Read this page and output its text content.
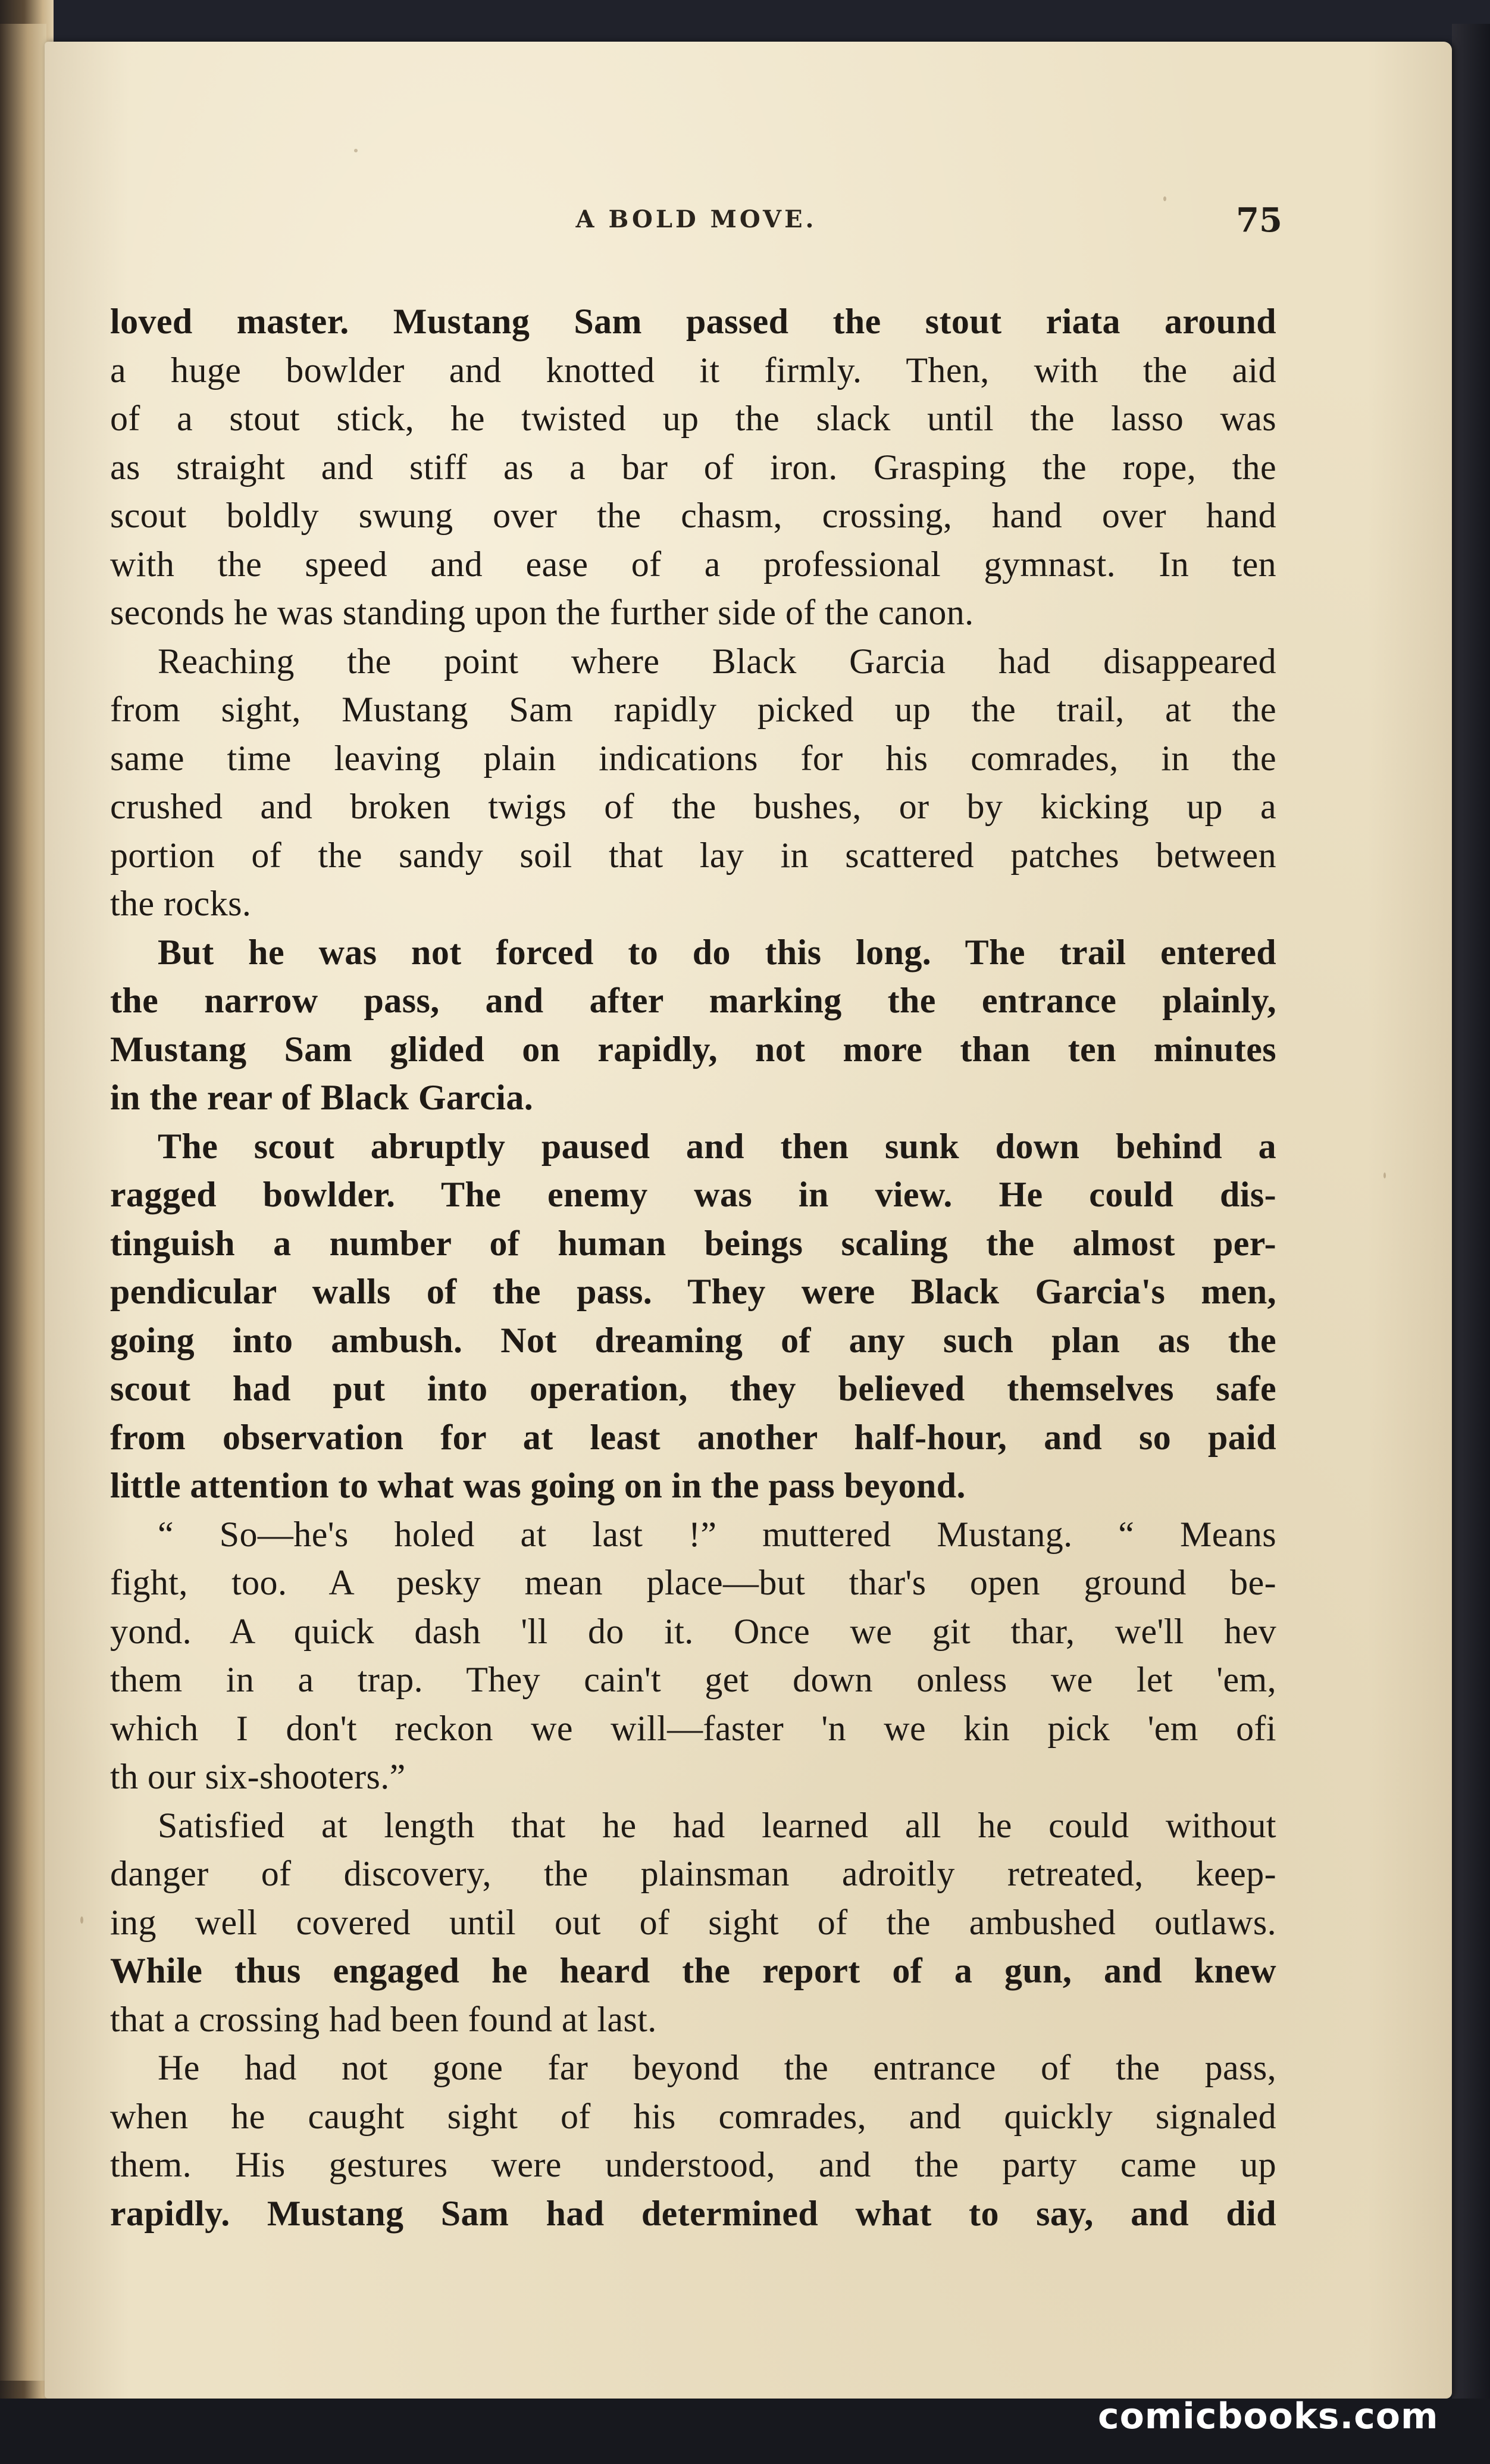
A BOLD MOVE.	75
loved master. Mustang Sam passed the stout riata around
a huge bowlder and knotted it firmly. Then, with the aid
of a stout stick, he twisted up the slack until the lasso was
as straight and stiff as a bar of iron. Grasping the rope, the
scout boldly swung over the chasm, crossing, hand over hand
with the speed and ease of a professional gymnast. In ten
seconds he was standing upon the further side of the canon.
Reaching the point where Black Garcia had disappeared
from sight, Mustang Sam rapidly picked up the trail, at the
same time leaving plain indications for his comrades, in the
crushed and broken twigs of the bushes, or by kicking up a
portion of the sandy soil that lay in scattered patches between
the rocks.
But he was not forced to do this long. The trail entered
the narrow pass, and after marking the entrance plainly,
Mustang Sam glided on rapidly, not more than ten minutes
in the rear of Black Garcia.
The scout abruptly paused and then sunk down behind a
ragged bowlder. The enemy was in view. He could dis-
tinguish a number of human beings scaling the almost per-
pendicular walls of the pass. They were Black Garcia's men,
going into ambush. Not dreaming of any such plan as the
scout had put into operation, they believed themselves safe
from observation for at least another half-hour, and so paid
little attention to what was going on in the pass beyond.
“ So—he's holed at last !” muttered Mustang. “ Means
fight, too. A pesky mean place—but thar's open ground be-
yond. A quick dash 'll do it. Once we git thar, we'll hev
them in a trap. They cain't get down onless we let 'em,
which I don't reckon we will—faster 'n we kin pick 'em ofi
th our six-shooters.”
Satisfied at length that he had learned all he could without
danger of discovery, the plainsman adroitly retreated, keep-
ing well covered until out of sight of the ambushed outlaws.
While thus engaged he heard the report of a gun, and knew
that a crossing had been found at last.
He had not gone far beyond the entrance of the pass,
when he caught sight of his comrades, and quickly signaled
them. His gestures were understood, and the party came up
rapidly. Mustang Sam had determined what to say, and did
comicbooks.com
